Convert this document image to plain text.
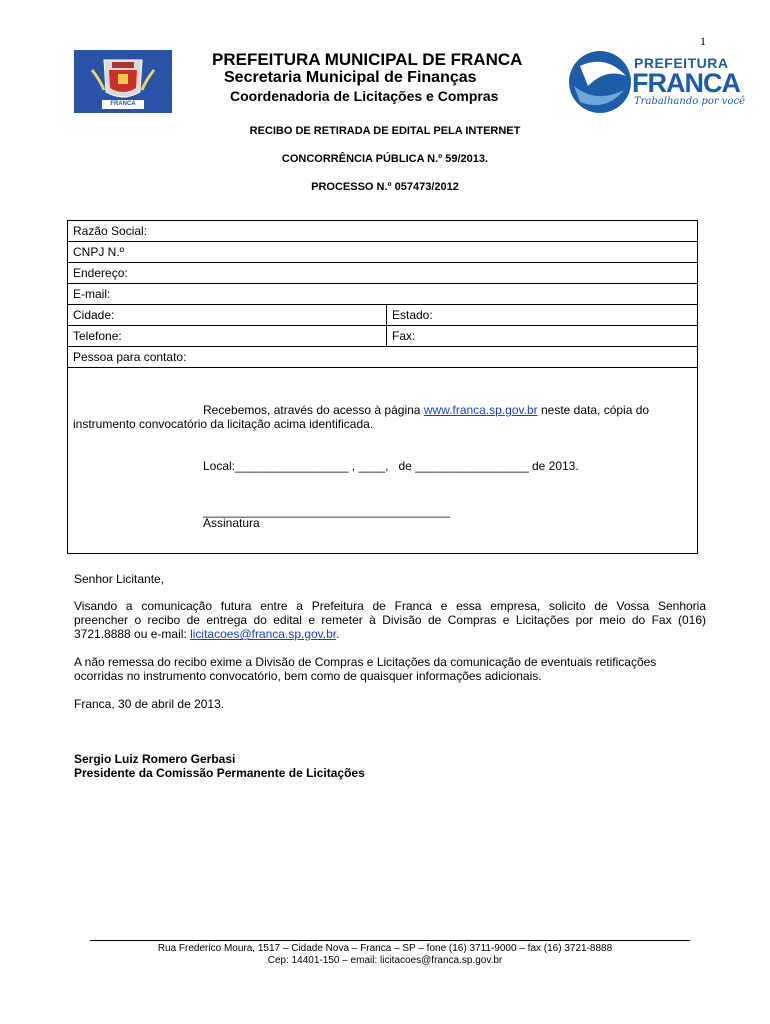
1
FRANCA
PREFEITURA MUNICIPAL DE FRANCA
Secretaria Municipal de Finanças
Coordenadoria de Licitações e Compras
PREFEITURA
FRANCA
Trabalhando por você
RECIBO DE RETIRADA DE EDITAL PELA INTERNET
CONCORRÊNCIA PÚBLICA N.º 59/2013.
PROCESSO N.º 057473/2012
Razão Social:
CNPJ N.º
Endereço:
E-mail:
Cidade:	Estado:
Telefone:	Fax:
Pessoa para contato:
Recebemos, através do acesso à página www.franca.sp.gov.br neste data, cópia do
instrumento convocatório da licitação acima identificada.
Local:_________________ , ____,   de _________________ de 2013.
_____________________________________
Assinatura
Senhor Licitante,
Visando a comunicação futura entre a Prefeitura de Franca e essa empresa, solicito de Vossa Senhoria
preencher o recibo de entrega do edital e remeter à Divisão de Compras e Licitações por meio do Fax (016)
3721.8888 ou e-mail: licitacoes@franca.sp.gov.br.
A não remessa do recibo exime a Divisão de Compras e Licitações da comunicação de eventuais retificações
ocorridas no instrumento convocatório, bem como de quaisquer informações adicionais.
Franca, 30 de abril de 2013.
Sergio Luiz Romero Gerbasi
Presidente da Comissão Permanente de Licitações
Rua Frederico Moura, 1517 – Cidade Nova – Franca – SP – fone (16) 3711-9000 – fax (16) 3721-8888
Cep: 14401-150 – email: licitacoes@franca.sp.gov.br
